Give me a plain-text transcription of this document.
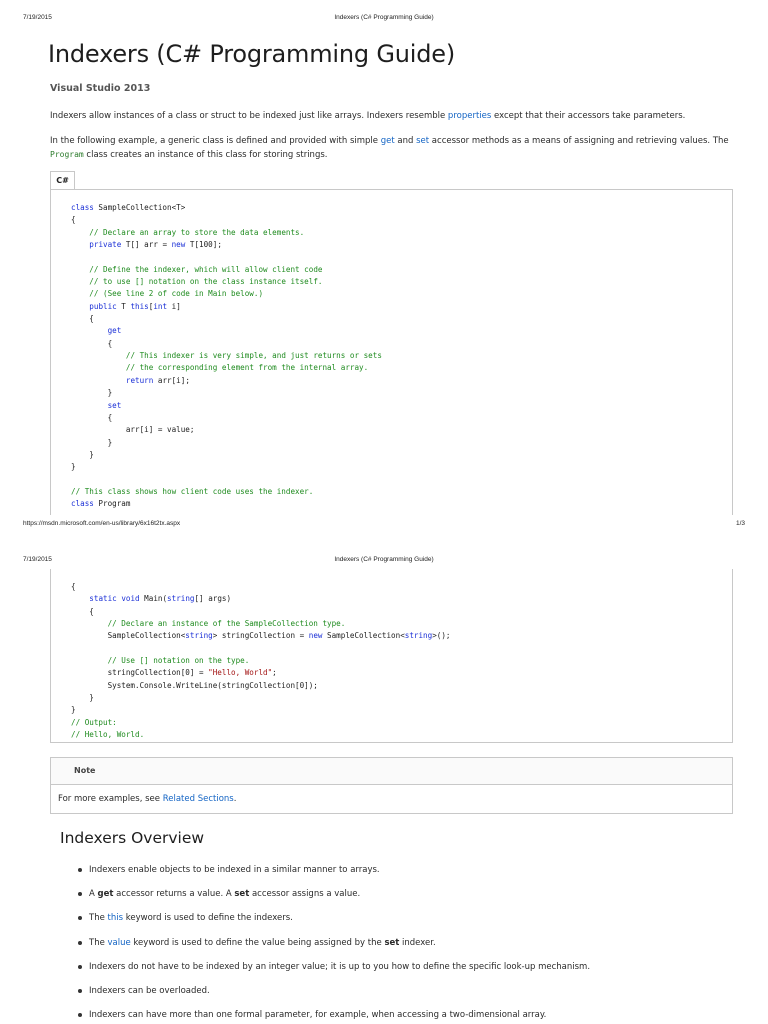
7/19/2015	Indexers (C# Programming Guide)
Indexers (C# Programming Guide)
Visual Studio 2013

Indexers allow instances of a class or struct to be indexed just like arrays. Indexers resemble properties except that their accessors take parameters.

In the following example, a generic class is defined and provided with simple get and set accessor methods as a means of assigning and retrieving values. The
Program class creates an instance of this class for storing strings.

C#
class SampleCollection<T>
{
// Declare an array to store the data elements.
private T[] arr = new T[100];
// Define the indexer, which will allow client code
// to use [] notation on the class instance itself.
// (See line 2 of code in Main below.)
public T this[int i]
{
get
{
// This indexer is very simple, and just returns or sets
// the corresponding element from the internal array.
return arr[i];
}
set
{
arr[i] = value;
}
}
}
// This class shows how client code uses the indexer.
class Program
https://msdn.microsoft.com/en-us/library/6x16t2tx.aspx	1/3
7/19/2015	Indexers (C# Programming Guide)
{
static void Main(string[] args)
{
// Declare an instance of the SampleCollection type.
SampleCollection<string> stringCollection = new SampleCollection<string>();
// Use [] notation on the type.
stringCollection[0] = "Hello, World";
System.Console.WriteLine(stringCollection[0]);
}
}
// Output:
// Hello, World.
Note
For more examples, see Related Sections.
Indexers Overview
Indexers enable objects to be indexed in a similar manner to arrays.
A get accessor returns a value. A set accessor assigns a value.
The this keyword is used to define the indexers.
The value keyword is used to define the value being assigned by the set indexer.
Indexers do not have to be indexed by an integer value; it is up to you how to define the specific look-up mechanism.
Indexers can be overloaded.
Indexers can have more than one formal parameter, for example, when accessing a two-dimensional array.
